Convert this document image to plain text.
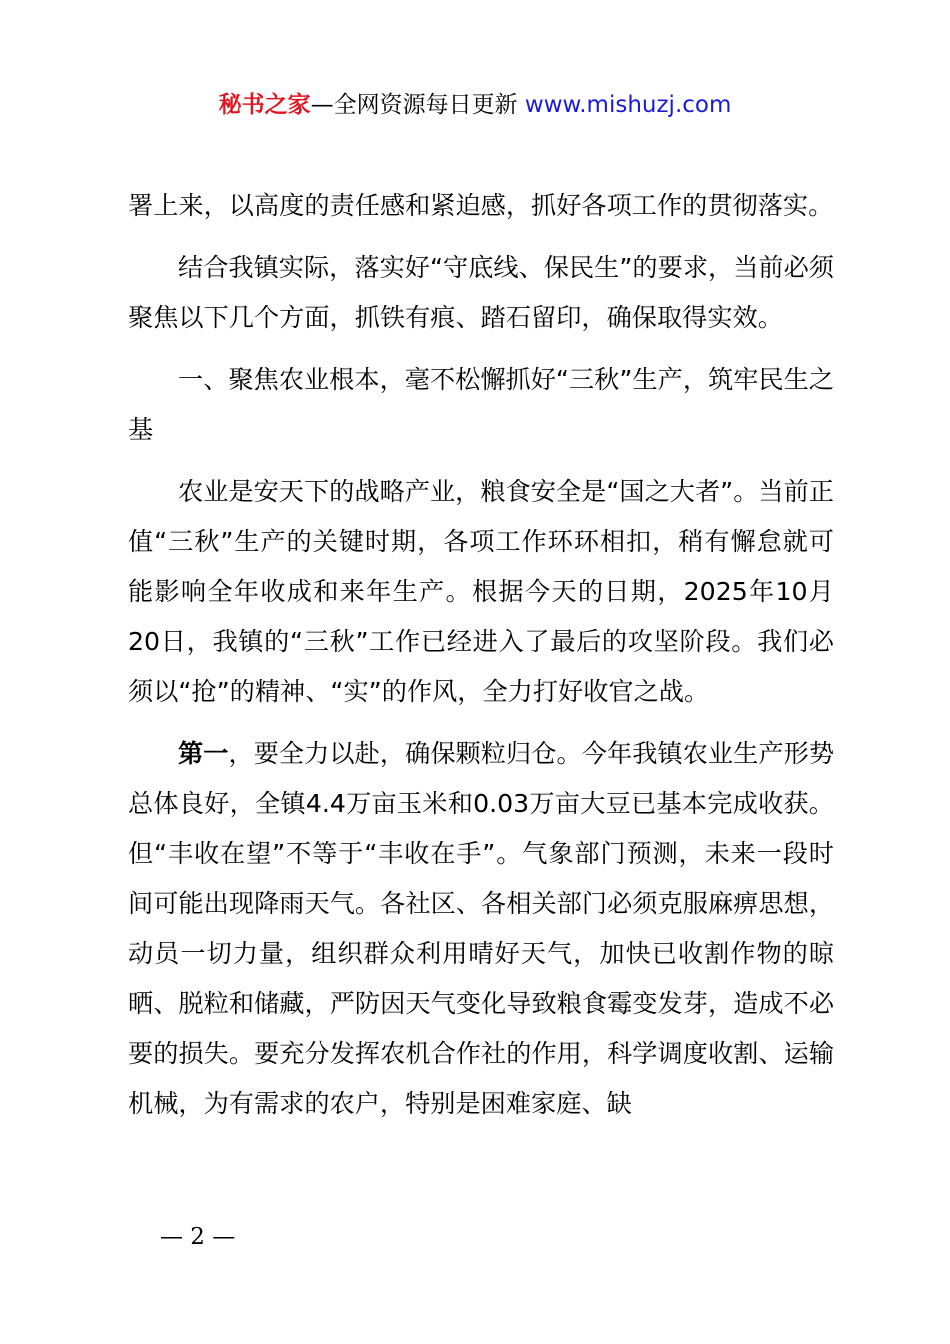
秘书之家—全网资源每日更新 www.mishuzj.com

署上来，以高度的责任感和紧迫感，抓好各项工作的贯彻落实。

结合我镇实际，落实好“守底线、保民生”的要求，当前必须聚焦以下几个方面，抓铁有痕、踏石留印，确保取得实效。

一、聚焦农业根本，毫不松懈抓好“三秋”生产，筑牢民生之基

农业是安天下的战略产业，粮食安全是“国之大者”。当前正值“三秋”生产的关键时期，各项工作环环相扣，稍有懈怠就可能影响全年收成和来年生产。根据今天的日期，2025年10月20日，我镇的“三秋”工作已经进入了最后的攻坚阶段。我们必须以“抢”的精神、“实”的作风，全力打好收官之战。

第一，要全力以赴，确保颗粒归仓。今年我镇农业生产形势总体良好，全镇4.4万亩玉米和0.03万亩大豆已基本完成收获。但“丰收在望”不等于“丰收在手”。气象部门预测，未来一段时间可能出现降雨天气。各社区、各相关部门必须克服麻痹思想，动员一切力量，组织群众利用晴好天气，加快已收割作物的晾晒、脱粒和储藏，严防因天气变化导致粮食霉变发芽，造成不必要的损失。要充分发挥农机合作社的作用，科学调度收割、运输机械，为有需求的农户，特别是困难家庭、缺

— 2 —
